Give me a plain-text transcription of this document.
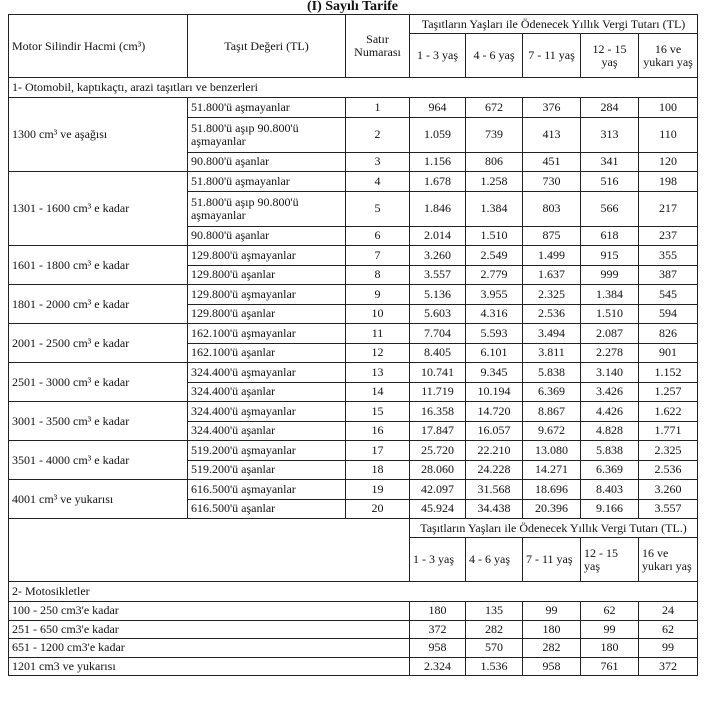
(I) Sayılı Tarife
Motor Silindir Hacmi (cm³)	Taşıt Değeri (TL)	Satır Numarası	Taşıtların Yaşları ile Ödenecek Yıllık Vergi Tutarı (TL)				
			1 - 3 yaş	4 - 6 yaş	7 - 11 yaş	12 - 15 yaş	16 ve yukarı yaş
1- Otomobil, kaptıkaçtı, arazi taşıtları ve benzerleri							
1300 cm³ ve aşağısı	51.800'ü aşmayanlar	1	964	672	376	284	100
	51.800'ü aşıp 90.800'ü aşmayanlar	2	1.059	739	413	313	110
	90.800'ü aşanlar	3	1.156	806	451	341	120
1301 - 1600 cm³ e kadar	51.800'ü aşmayanlar	4	1.678	1.258	730	516	198
	51.800'ü aşıp 90.800'ü aşmayanlar	5	1.846	1.384	803	566	217
	90.800'ü aşanlar	6	2.014	1.510	875	618	237
1601 - 1800 cm³ e kadar	129.800'ü aşmayanlar	7	3.260	2.549	1.499	915	355
	129.800'ü aşanlar	8	3.557	2.779	1.637	999	387
1801 - 2000 cm³ e kadar	129.800'ü aşmayanlar	9	5.136	3.955	2.325	1.384	545
	129.800'ü aşanlar	10	5.603	4.316	2.536	1.510	594
2001 - 2500 cm³ e kadar	162.100'ü aşmayanlar	11	7.704	5.593	3.494	2.087	826
	162.100'ü aşanlar	12	8.405	6.101	3.811	2.278	901
2501 - 3000 cm³ e kadar	324.400'ü aşmayanlar	13	10.741	9.345	5.838	3.140	1.152
	324.400'ü aşanlar	14	11.719	10.194	6.369	3.426	1.257
3001 - 3500 cm³ e kadar	324.400'ü aşmayanlar	15	16.358	14.720	8.867	4.426	1.622
	324.400'ü aşanlar	16	17.847	16.057	9.672	4.828	1.771
3501 - 4000 cm³ e kadar	519.200'ü aşmayanlar	17	25.720	22.210	13.080	5.838	2.325
	519.200'ü aşanlar	18	28.060	24.228	14.271	6.369	2.536
4001 cm³ ve yukarısı	616.500'ü aşmayanlar	19	42.097	31.568	18.696	8.403	3.260
	616.500'ü aşanlar	20	45.924	34.438	20.396	9.166	3.557
			Taşıtların Yaşları ile Ödenecek Yıllık Vergi Tutarı (TL.)				
			1 - 3 yaş	4 - 6 yaş	7 - 11 yaş	12 - 15 yaş	16 ve yukarı yaş
2- Motosikletler							
100 - 250 cm3'e kadar			180	135	99	62	24
251 - 650 cm3'e kadar			372	282	180	99	62
651 - 1200 cm3'e kadar			958	570	282	180	99
1201 cm3 ve yukarısı			2.324	1.536	958	761	372
